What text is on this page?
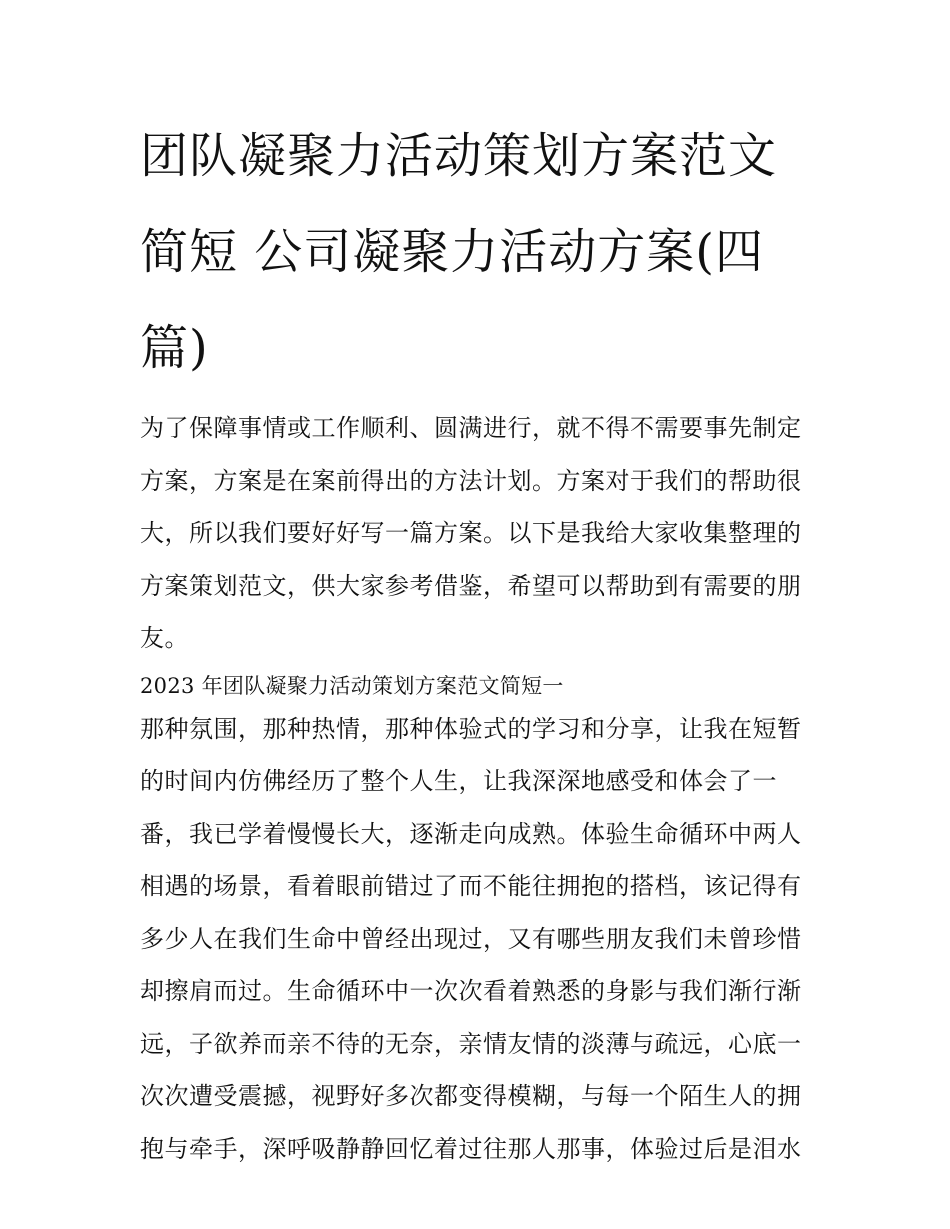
团队凝聚力活动策划方案范文
简短 公司凝聚力活动方案(四
篇)

为了保障事情或工作顺利、圆满进行，就不得不需要事先制定
方案，方案是在案前得出的方法计划。方案对于我们的帮助很
大，所以我们要好好写一篇方案。以下是我给大家收集整理的
方案策划范文，供大家参考借鉴，希望可以帮助到有需要的朋
友。

2023 年团队凝聚力活动策划方案范文简短一

那种氛围，那种热情，那种体验式的学习和分享，让我在短暂
的时间内仿佛经历了整个人生，让我深深地感受和体会了一
番，我已学着慢慢长大，逐渐走向成熟。体验生命循环中两人
相遇的场景，看着眼前错过了而不能往拥抱的搭档，该记得有
多少人在我们生命中曾经出现过，又有哪些朋友我们未曾珍惜
却擦肩而过。生命循环中一次次看着熟悉的身影与我们渐行渐
远，子欲养而亲不待的无奈，亲情友情的淡薄与疏远，心底一
次次遭受震撼，视野好多次都变得模糊，与每一个陌生人的拥
抱与牵手，深呼吸静静回忆着过往那人那事，体验过后是泪水
